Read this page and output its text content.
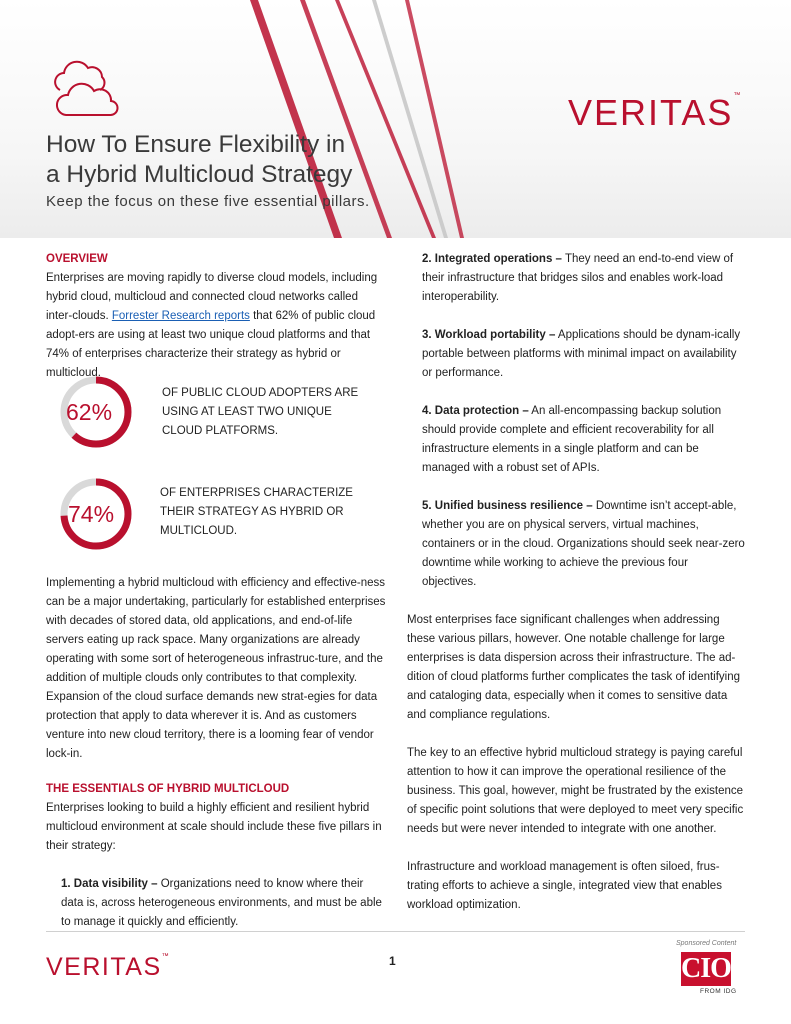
VERITAS™
How To Ensure Flexibility in
a Hybrid Multicloud Strategy
Keep the focus on these five essential pillars.
OVERVIEW

Enterprises are moving rapidly to diverse cloud models, including hybrid cloud, multicloud and connected cloud networks called inter-clouds. Forrester Research reports that 62% of public cloud adopt-ers are using at least two unique cloud platforms and that 74% of enterprises characterize their strategy as hybrid or multicloud.

62%
OF PUBLIC CLOUD ADOPTERS ARE USING AT LEAST TWO UNIQUE CLOUD PLATFORMS.
74%
OF ENTERPRISES CHARACTERIZE THEIR STRATEGY AS HYBRID OR MULTICLOUD.

Implementing a hybrid multicloud with efficiency and effective-ness can be a major undertaking, particularly for established enterprises with decades of stored data, old applications, and end-of-life servers eating up rack space. Many organizations are already operating with some sort of heterogeneous infrastruc-ture, and the addition of multiple clouds only contributes to that complexity. Expansion of the cloud surface demands new strat-egies for data protection that apply to data wherever it is. And as customers venture into new cloud territory, there is a looming fear of vendor lock-in.

THE ESSENTIALS OF HYBRID MULTICLOUD

Enterprises looking to build a highly efficient and resilient hybrid multicloud environment at scale should include these five pillars in their strategy:

1. Data visibility – Organizations need to know where their data is, across heterogeneous environments, and must be able to manage it quickly and efficiently.

2. Integrated operations – They need an end-to-end view of their infrastructure that bridges silos and enables work-load interoperability.

3. Workload portability – Applications should be dynam-ically portable between platforms with minimal impact on availability or performance.

4. Data protection – An all-encompassing backup solution should provide complete and efficient recoverability for all infrastructure elements in a single platform and can be managed with a robust set of APIs.

5. Unified business resilience – Downtime isn’t accept-able, whether you are on physical servers, virtual machines, containers or in the cloud. Organizations should seek near-zero downtime while working to achieve the previous four objectives.

Most enterprises face significant challenges when addressing these various pillars, however. One notable challenge for large enterprises is data dispersion across their infrastructure. The ad-dition of cloud platforms further complicates the task of identifying and cataloging data, especially when it comes to sensitive data and compliance regulations.

The key to an effective hybrid multicloud strategy is paying careful attention to how it can improve the operational resilience of the business. This goal, however, might be frustrated by the existence of specific point solutions that were deployed to meet very specific needs but were never intended to integrate with one another.

Infrastructure and workload management is often siloed, frus-trating efforts to achieve a single, integrated view that enables workload optimization.

VERITAS™	1
Sponsored Content
CIO
FROM IDG
